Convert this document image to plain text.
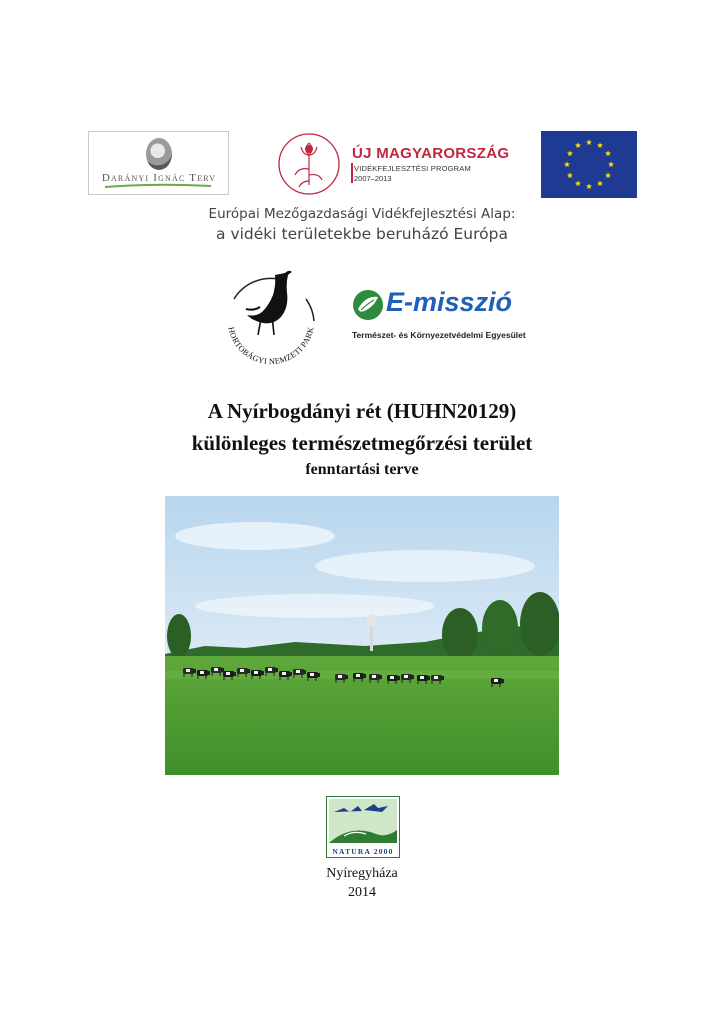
Darányi Ignác Terv
ÚJ MAGYARORSZÁG
VIDÉKFEJLESZTÉSI PROGRAM
2007–2013
Európai Mezőgazdasági Vidékfejlesztési Alap:
a vidéki területekbe beruházó Európa
HORTOBÁGYI NEMZETI PARK
E-misszió
Természet- és Környezetvédelmi Egyesület
A Nyírbogdányi rét (HUHN20129)
különleges természetmegőrzési terület
fenntartási terve
NATURA 2000
Nyíregyháza
2014
